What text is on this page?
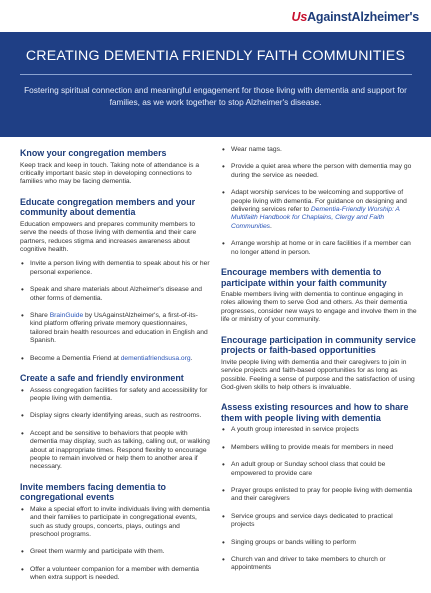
UsAgainstAlzheimer's
CREATING DEMENTIA FRIENDLY FAITH COMMUNITIES

Fostering spiritual connection and meaningful engagement for those living with dementia and support for families, as we work together to stop Alzheimer's disease.

Know your congregation members

Keep track and keep in touch. Taking note of attendance is a critically important basic step in developing connections to families who may be facing dementia.

Educate congregation members and your community about dementia

Education empowers and prepares community members to serve the needs of those living with dementia and their care partners, reduces stigma and increases awareness about cognitive health.

• Invite a person living with dementia to speak about his or her personal experience.
• Speak and share materials about Alzheimer's disease and other forms of dementia.
• Share BrainGuide by UsAgainstAlzheimer's, a first-of-its-kind platform offering private memory questionnaires, tailored brain health resources and education in English and Spanish.
• Become a Dementia Friend at dementiafriendsusa.org.
Create a safe and friendly environment
• Assess congregation facilities for safety and accessibility for people living with dementia.
• Display signs clearly identifying areas, such as restrooms.
• Accept and be sensitive to behaviors that people with dementia may display, such as talking, calling out, or walking about at inappropriate times. Respond flexibly to encourage people to remain involved or help them to another area if necessary.
Invite members facing dementia to congregational events
• Make a special effort to invite individuals living with dementia and their families to participate in congregational events, such as study groups, concerts, plays, outings and preschool programs.
• Greet them warmly and participate with them.
• Offer a volunteer companion for a member with dementia when extra support is needed.
• Wear name tags.
• Provide a quiet area where the person with dementia may go during the service as needed.
• Adapt worship services to be welcoming and supportive of people living with dementia. For guidance on designing and delivering services refer to Dementia-Friendly Worship: A Multifaith Handbook for Chaplains, Clergy and Faith Communities.
• Arrange worship at home or in care facilities if a member can no longer attend in person.
Encourage members with dementia to participate within your faith community

Enable members living with dementia to continue engaging in roles allowing them to serve God and others. As their dementia progresses, consider new ways to engage and involve them in the life or ministry of your community.

Encourage participation in community service projects or faith-based opportunities

Invite people living with dementia and their caregivers to join in service projects and faith-based opportunities for as long as possible. Feeling a sense of purpose and the satisfaction of using God-given skills to help others is invaluable.

Assess existing resources and how to share them with people living with dementia
• A youth group interested in service projects
• Members willing to provide meals for members in need
• An adult group or Sunday school class that could be empowered to provide care
• Prayer groups enlisted to pray for people living with dementia and their caregivers
• Service groups and service days dedicated to practical projects
• Singing groups or bands willing to perform
• Church van and driver to take members to church or appointments
